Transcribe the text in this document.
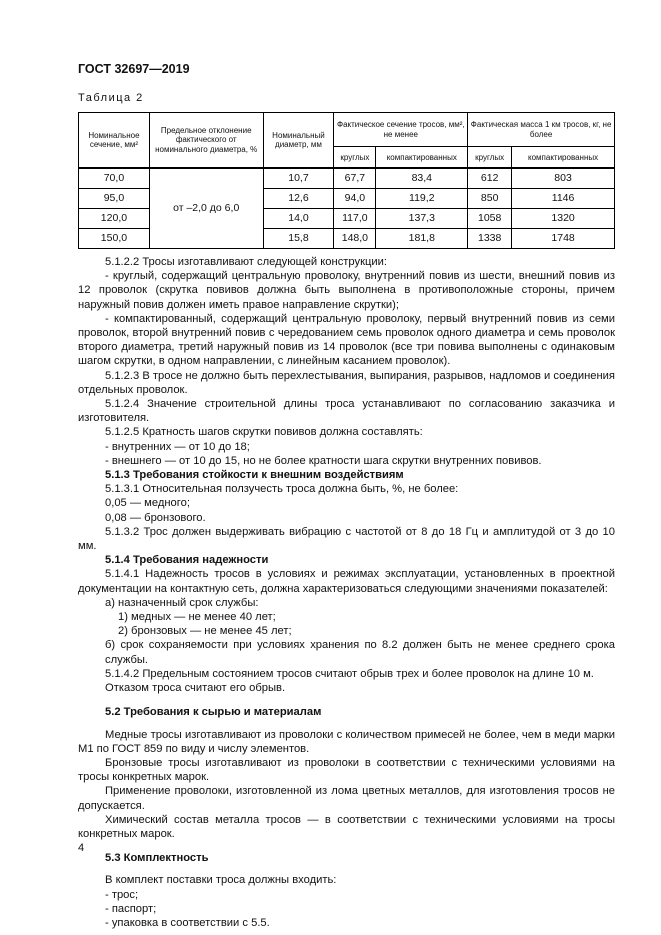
ГОСТ 32697—2019
Таблица 2
Номинальное сечение, мм²	Предельное отклонение фактического от номинального диаметра, %	Номинальный диаметр, мм	Фактическое сечение тросов, мм², не менее		Фактическая масса 1 км тросов, кг, не более	
			круглых	компактированных	круглых	компактированных
70,0	от –2,0 до 6,0	10,7	67,7	83,4	612	803
95,0		12,6	94,0	119,2	850	1146
120,0		14,0	117,0	137,3	1058	1320
150,0		15,8	148,0	181,8	1338	1748

5.1.2.2 Тросы изготавливают следующей конструкции:

- круглый, содержащий центральную проволоку, внутренний повив из шести, внешний повив из 12 проволок (скрутка повивов должна быть выполнена в противоположные стороны, причем наружный повив должен иметь правое направление скрутки);

- компактированный, содержащий центральную проволоку, первый внутренний повив из семи проволок, второй внутренний повив с чередованием семь проволок одного диаметра и семь проволок второго диаметра, третий наружный повив из 14 проволок (все три повива выполнены с одинаковым шагом скрутки, в одном направлении, с линейным касанием проволок).

5.1.2.3 В тросе не должно быть перехлестывания, выпирания, разрывов, надломов и соединения отдельных проволок.

5.1.2.4 Значение строительной длины троса устанавливают по согласованию заказчика и изготовителя.

5.1.2.5 Кратность шагов скрутки повивов должна составлять:

- внутренних — от 10 до 18;

- внешнего — от 10 до 15, но не более кратности шага скрутки внутренних повивов.

5.1.3 Требования стойкости к внешним воздействиям

5.1.3.1 Относительная ползучесть троса должна быть, %, не более:

0,05 — медного;

0,08 — бронзового.

5.1.3.2 Трос должен выдерживать вибрацию с частотой от 8 до 18 Гц и амплитудой от 3 до 10 мм.

5.1.4 Требования надежности

5.1.4.1 Надежность тросов в условиях и режимах эксплуатации, установленных в проектной документации на контактную сеть, должна характеризоваться следующими значениями показателей:

а) назначенный срок службы:

1) медных — не менее 40 лет;

2) бронзовых — не менее 45 лет;

б) срок сохраняемости при условиях хранения по 8.2 должен быть не менее среднего срока службы.

5.1.4.2 Предельным состоянием тросов считают обрыв трех и более проволок на длине 10 м.

Отказом троса считают его обрыв.

5.2 Требования к сырью и материалам

Медные тросы изготавливают из проволоки с количеством примесей не более, чем в меди марки М1 по ГОСТ 859 по виду и числу элементов.

Бронзовые тросы изготавливают из проволоки в соответствии с техническими условиями на тросы конкретных марок.

Применение проволоки, изготовленной из лома цветных металлов, для изготовления тросов не допускается.

Химический состав металла тросов — в соответствии с техническими условиями на тросы конкретных марок.

5.3 Комплектность

В комплект поставки троса должны входить:

- трос;

- паспорт;

- упаковка в соответствии с 5.5.

4
